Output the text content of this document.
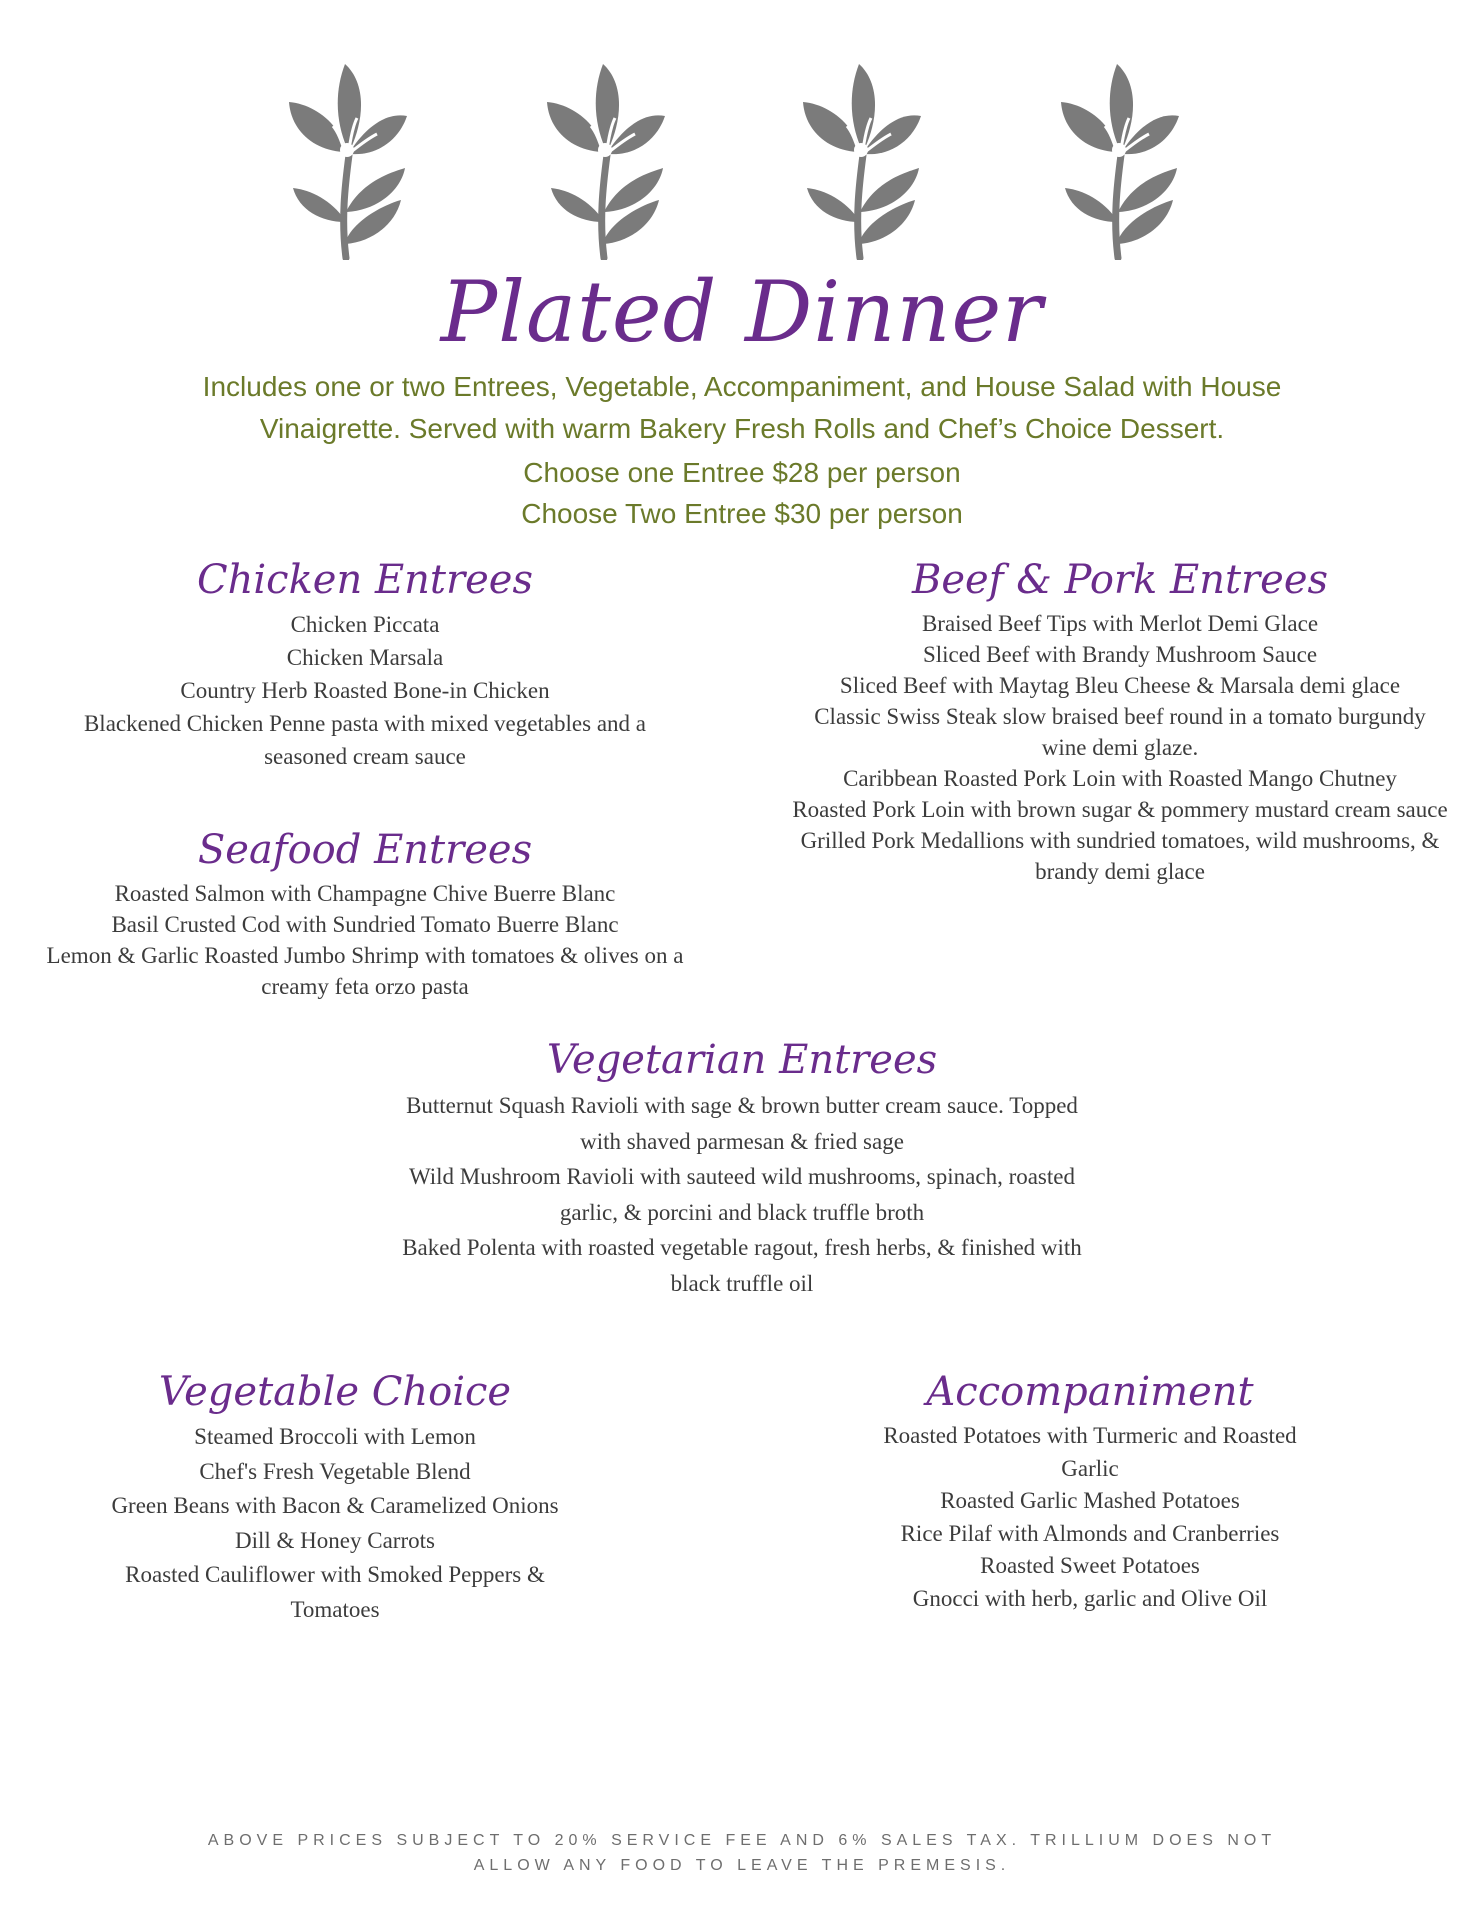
Plated Dinner
Includes one or two Entrees, Vegetable, Accompaniment, and House Salad with House Vinaigrette. Served with warm Bakery Fresh Rolls and Chef’s Choice Dessert.
Choose one Entree $28 per person
Choose Two Entree $30 per person
Chicken Entrees
Chicken Piccata
Chicken Marsala
Country Herb Roasted Bone-in Chicken
Blackened Chicken Penne pasta with mixed vegetables and a seasoned cream sauce
Beef & Pork Entrees
Braised Beef Tips with Merlot Demi Glace
Sliced Beef with Brandy Mushroom Sauce
Sliced Beef with Maytag Bleu Cheese & Marsala demi glace
Classic Swiss Steak slow braised beef round in a tomato burgundy wine demi glaze.
Caribbean Roasted Pork Loin with Roasted Mango Chutney
Roasted Pork Loin with brown sugar & pommery mustard cream sauce
Grilled Pork Medallions with sundried tomatoes, wild mushrooms, & brandy demi glace
Seafood Entrees
Roasted Salmon with Champagne Chive Buerre Blanc
Basil Crusted Cod with Sundried Tomato Buerre Blanc
Lemon & Garlic Roasted Jumbo Shrimp with tomatoes & olives on a creamy feta orzo pasta
Vegetarian Entrees
Butternut Squash Ravioli with sage & brown butter cream sauce. Topped with shaved parmesan & fried sage
Wild Mushroom Ravioli with sauteed wild mushrooms, spinach, roasted garlic, & porcini and black truffle broth
Baked Polenta with roasted vegetable ragout, fresh herbs, & finished with black truffle oil
Vegetable Choice
Steamed Broccoli with Lemon
Chef's Fresh Vegetable Blend
Green Beans with Bacon & Caramelized Onions
Dill & Honey Carrots
Roasted Cauliflower with Smoked Peppers & Tomatoes
Accompaniment
Roasted Potatoes with Turmeric and Roasted Garlic
Roasted Garlic Mashed Potatoes
Rice Pilaf with Almonds and Cranberries
Roasted Sweet Potatoes
Gnocci with herb, garlic and Olive Oil
ABOVE PRICES SUBJECT TO 20% SERVICE FEE AND 6% SALES TAX. TRILLIUM DOES NOT ALLOW ANY FOOD TO LEAVE THE PREMESIS.
